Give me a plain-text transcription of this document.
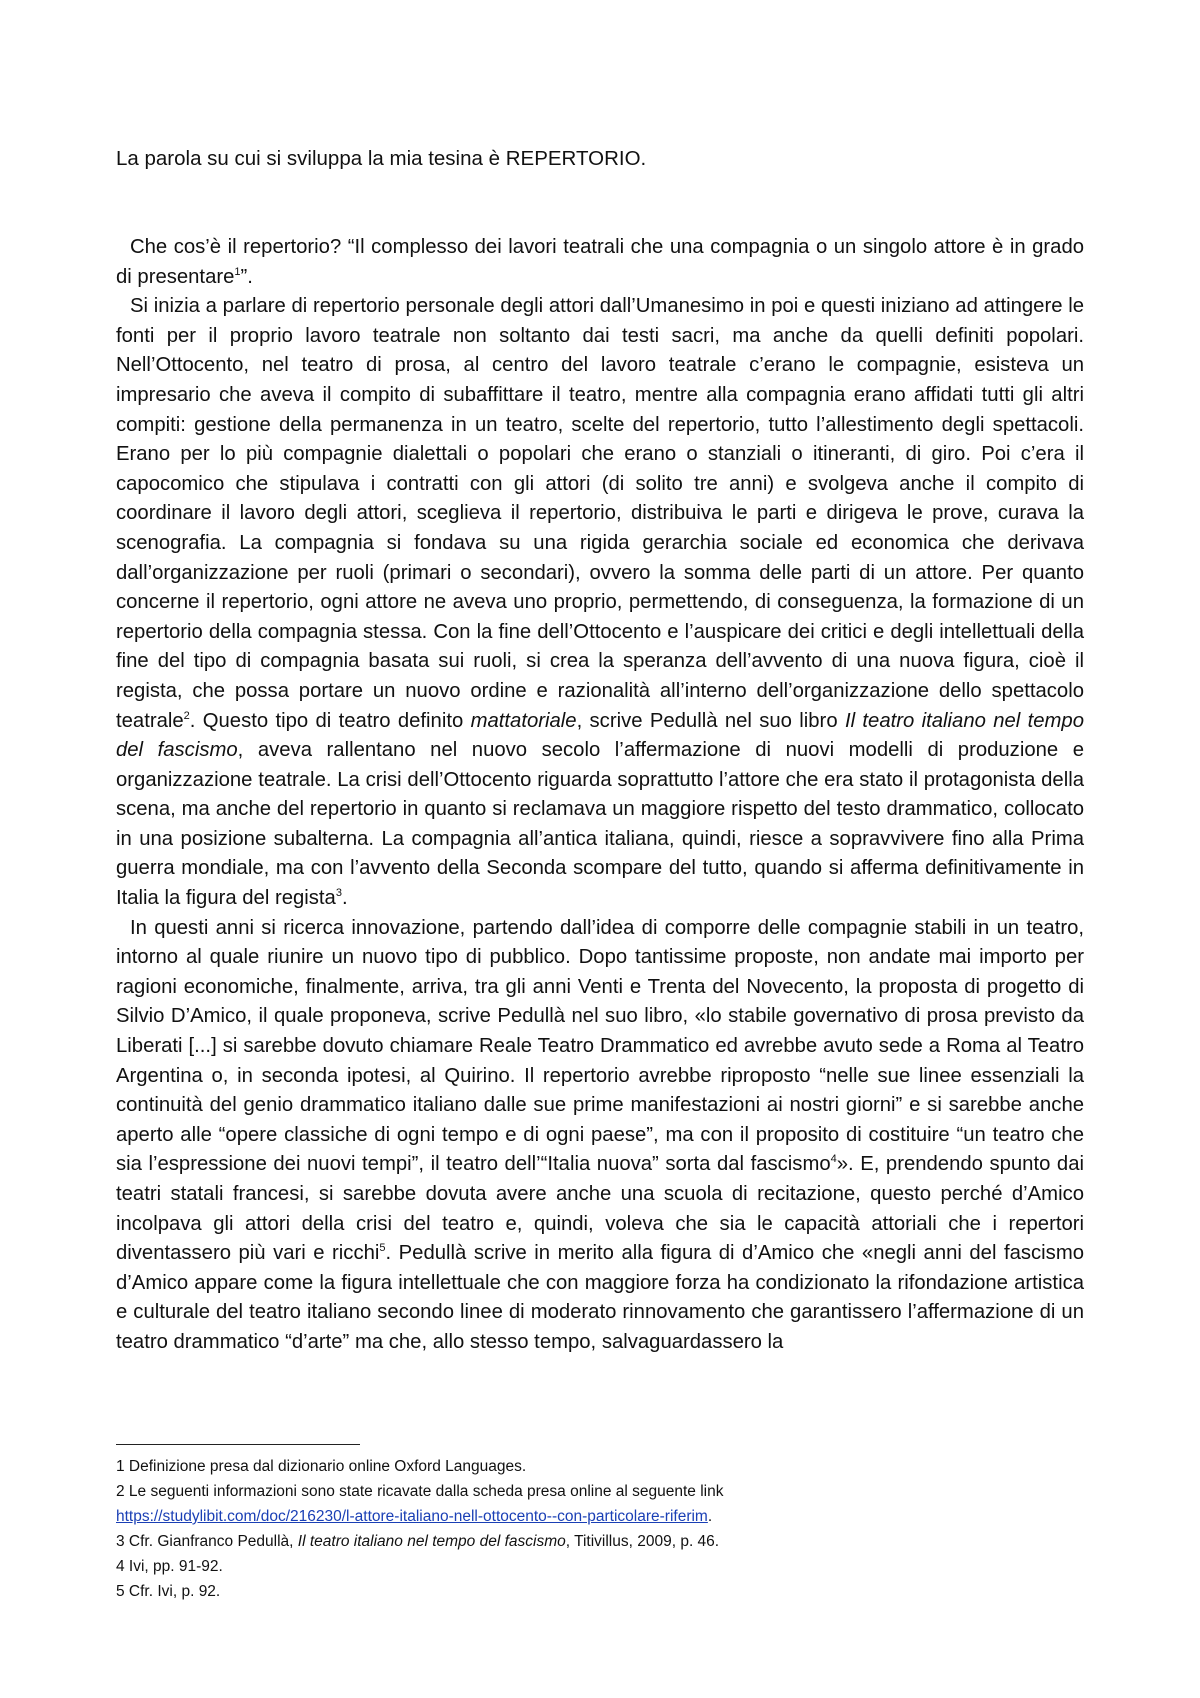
La parola su cui si sviluppa la mia tesina è REPERTORIO.

Che cos’è il repertorio? “Il complesso dei lavori teatrali che una compagnia o un singolo attore è in grado di presentare$^1$”.

Si inizia a parlare di repertorio personale degli attori dall’Umanesimo in poi e questi iniziano ad attingere le fonti per il proprio lavoro teatrale non soltanto dai testi sacri, ma anche da quelli definiti popolari. Nell’Ottocento, nel teatro di prosa, al centro del lavoro teatrale c’erano le compagnie, esisteva un impresario che aveva il compito di subaffittare il teatro, mentre alla compagnia erano affidati tutti gli altri compiti: gestione della permanenza in un teatro, scelte del repertorio, tutto l’allestimento degli spettacoli. Erano per lo più compagnie dialettali o popolari che erano o stanziali o itineranti, di giro. Poi c’era il capocomico che stipulava i contratti con gli attori (di solito tre anni) e svolgeva anche il compito di coordinare il lavoro degli attori, sceglieva il repertorio, distribuiva le parti e dirigeva le prove, curava la scenografia. La compagnia si fondava su una rigida gerarchia sociale ed economica che derivava dall’organizzazione per ruoli (primari o secondari), ovvero la somma delle parti di un attore. Per quanto concerne il repertorio, ogni attore ne aveva uno proprio, permettendo, di conseguenza, la formazione di un repertorio della compagnia stessa. Con la fine dell’Ottocento e l’auspicare dei critici e degli intellettuali della fine del tipo di compagnia basata sui ruoli, si crea la speranza dell’avvento di una nuova figura, cioè il regista, che possa portare un nuovo ordine e razionalità all’interno dell’organizzazione dello spettacolo teatrale$^2$. Questo tipo di teatro definito mattatoriale, scrive Pedullà nel suo libro Il teatro italiano nel tempo del fascismo, aveva rallentano nel nuovo secolo l’affermazione di nuovi modelli di produzione e organizzazione teatrale. La crisi dell’Ottocento riguarda soprattutto l’attore che era stato il protagonista della scena, ma anche del repertorio in quanto si reclamava un maggiore rispetto del testo drammatico, collocato in una posizione subalterna. La compagnia all’antica italiana, quindi, riesce a sopravvivere fino alla Prima guerra mondiale, ma con l’avvento della Seconda scompare del tutto, quando si afferma definitivamente in Italia la figura del regista$^3$.

In questi anni si ricerca innovazione, partendo dall’idea di comporre delle compagnie stabili in un teatro, intorno al quale riunire un nuovo tipo di pubblico. Dopo tantissime proposte, non andate mai importo per ragioni economiche, finalmente, arriva, tra gli anni Venti e Trenta del Novecento, la proposta di progetto di Silvio D’Amico, il quale proponeva, scrive Pedullà nel suo libro, «lo stabile governativo di prosa previsto da Liberati [...] si sarebbe dovuto chiamare Reale Teatro Drammatico ed avrebbe avuto sede a Roma al Teatro Argentina o, in seconda ipotesi, al Quirino. Il repertorio avrebbe riproposto “nelle sue linee essenziali la continuità del genio drammatico italiano dalle sue prime manifestazioni ai nostri giorni” e si sarebbe anche aperto alle “opere classiche di ogni tempo e di ogni paese”, ma con il proposito di costituire “un teatro che sia l’espressione dei nuovi tempi”, il teatro dell’“Italia nuova” sorta dal fascismo$^4$». E, prendendo spunto dai teatri statali francesi, si sarebbe dovuta avere anche una scuola di recitazione, questo perché d’Amico incolpava gli attori della crisi del teatro e, quindi, voleva che sia le capacità attoriali che i repertori diventassero più vari e ricchi$^5$. Pedullà scrive in merito alla figura di d’Amico che «negli anni del fascismo d’Amico appare come la figura intellettuale che con maggiore forza ha condizionato la rifondazione artistica e culturale del teatro italiano secondo linee di moderato rinnovamento che garantissero l’affermazione di un teatro drammatico “d’arte” ma che, allo stesso tempo, salvaguardassero la

1 Definizione presa dal dizionario online Oxford Languages.

2 Le seguenti informazioni sono state ricavate dalla scheda presa online al seguente link

https://studylibit.com/doc/216230/l-attore-italiano-nell-ottocento--con-particolare-riferim.

3 Cfr. Gianfranco Pedullà, Il teatro italiano nel tempo del fascismo, Titivillus, 2009, p. 46.

4 Ivi, pp. 91-92.

5 Cfr. Ivi, p. 92.
